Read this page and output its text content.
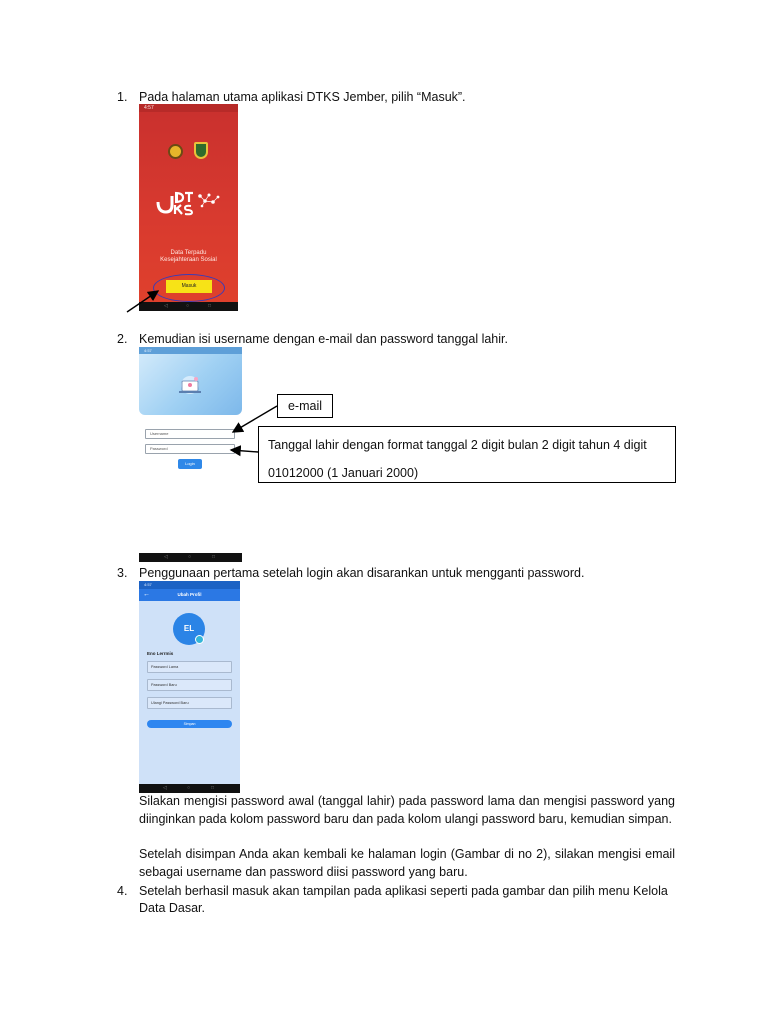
1. Pada halaman utama aplikasi DTKS Jember, pilih “Masuk”.
4:57
Data Terpadu
Kesejahteraan Sosial
Masuk
◁	○	□
2. Kemudian isi username dengan e-mail dan password tanggal lahir.
4:57
Username
Password
Login
◁	○	□
e-mail
Tanggal lahir dengan format tanggal 2 digit bulan 2 digit tahun 4 digit
01012000 (1 Januari 2000)
3. Penggunaan pertama setelah login akan disarankan untuk mengganti password.
4:57
←	Ubah Profil
EL
Eno Lerrmis
Password Lama
Password Baru
Ulangi Password Baru
Simpan
◁	○	□

Silakan mengisi password awal (tanggal lahir) pada password lama dan mengisi password yang diinginkan pada kolom password baru dan pada kolom ulangi password baru, kemudian simpan.

Setelah disimpan Anda akan kembali ke halaman login (Gambar di no 2), silakan mengisi email sebagai username dan password diisi password yang baru.

4. Setelah berhasil masuk akan tampilan pada aplikasi seperti pada gambar dan pilih menu Kelola
Data Dasar.
